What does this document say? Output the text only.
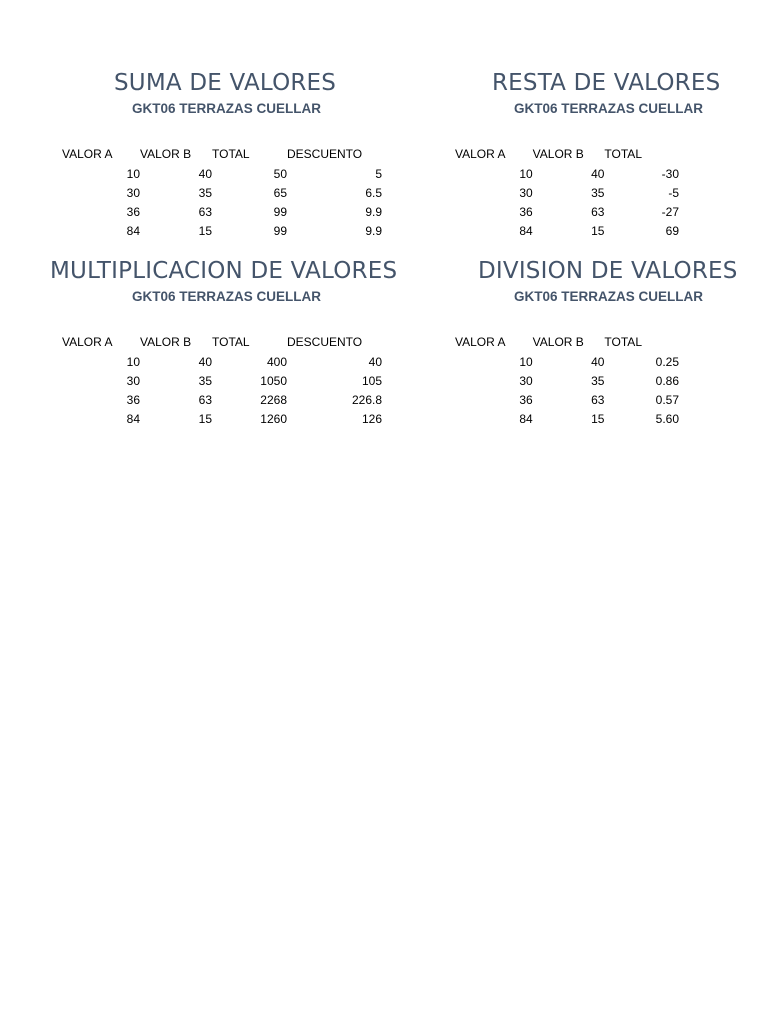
SUMA DE VALORES
GKT06 TERRAZAS CUELLAR
VALOR A	VALOR B	TOTAL	DESCUENTO
10	40	50	5
30	35	65	6.5
36	63	99	9.9
84	15	99	9.9
RESTA DE VALORES
GKT06 TERRAZAS CUELLAR
VALOR A	VALOR B	TOTAL
10	40	-30
30	35	-5
36	63	-27
84	15	69
MULTIPLICACION DE VALORES
GKT06 TERRAZAS CUELLAR
VALOR A	VALOR B	TOTAL	DESCUENTO
10	40	400	40
30	35	1050	105
36	63	2268	226.8
84	15	1260	126
DIVISION DE VALORES
GKT06 TERRAZAS CUELLAR
VALOR A	VALOR B	TOTAL
10	40	0.25
30	35	0.86
36	63	0.57
84	15	5.60
